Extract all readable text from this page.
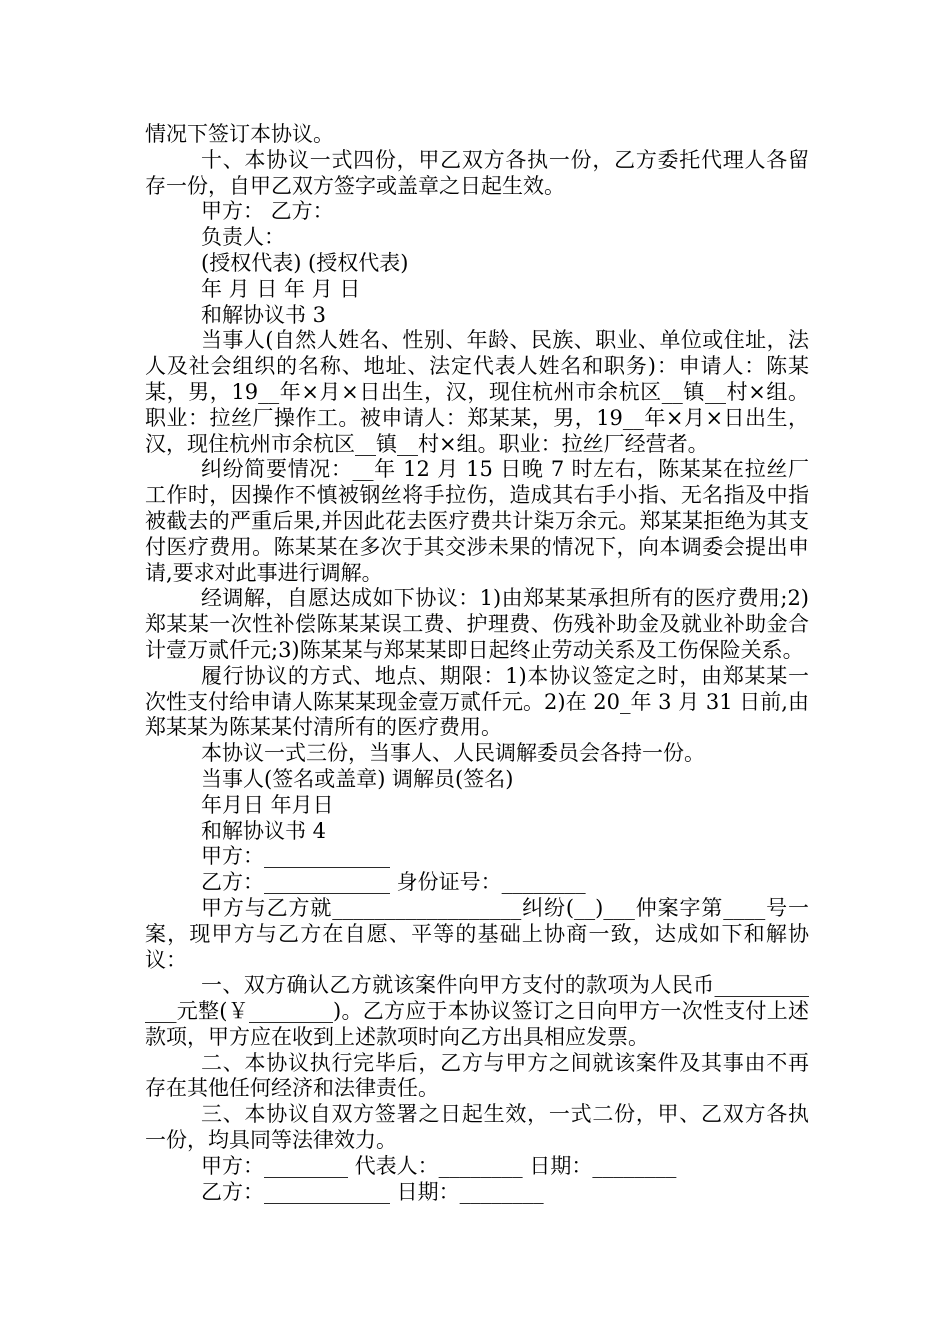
情况下签订本协议。

十、本协议一式四份，甲乙双方各执一份，乙方委托代理人各留存一份，自甲乙双方签字或盖章之日起生效。

甲方： 乙方：

负责人：

(授权代表) (授权代表)

年 月 日 年 月 日

和解协议书 3

当事人(自然人姓名、性别、年龄、民族、职业、单位或住址，法人及社会组织的名称、地址、法定代表人姓名和职务)：申请人：陈某某，男，19__年×月×日出生，汉，现住杭州市余杭区__镇__村×组。职业：拉丝厂操作工。被申请人：郑某某，男，19__年×月×日出生，汉，现住杭州市余杭区__镇__村×组。职业：拉丝厂经营者。

纠纷简要情况：__年 12 月 15 日晚 7 时左右，陈某某在拉丝厂工作时，因操作不慎被钢丝将手拉伤，造成其右手小指、无名指及中指被截去的严重后果,并因此花去医疗费共计柒万余元。郑某某拒绝为其支付医疗费用。陈某某在多次于其交涉未果的情况下，向本调委会提出申请,要求对此事进行调解。

经调解，自愿达成如下协议：1)由郑某某承担所有的医疗费用;2)郑某某一次性补偿陈某某误工费、护理费、伤残补助金及就业补助金合计壹万贰仟元;3)陈某某与郑某某即日起终止劳动关系及工伤保险关系。

履行协议的方式、地点、期限：1)本协议签定之时，由郑某某一次性支付给申请人陈某某现金壹万贰仟元。2)在 20_年 3 月 31 日前,由郑某某为陈某某付清所有的医疗费用。

本协议一式三份，当事人、人民调解委员会各持一份。

当事人(签名或盖章) 调解员(签名)

年月日 年月日

和解协议书 4

甲方：____________

乙方：____________ 身份证号：________

甲方与乙方就__________________纠纷(__)___仲案字第____号一案，现甲方与乙方在自愿、平等的基础上协商一致，达成如下和解协议：

一、双方确认乙方就该案件向甲方支付的款项为人民币____________元整(￥________)。乙方应于本协议签订之日向甲方一次性支付上述款项，甲方应在收到上述款项时向乙方出具相应发票。

二、本协议执行完毕后，乙方与甲方之间就该案件及其事由不再存在其他任何经济和法律责任。

三、本协议自双方签署之日起生效，一式二份，甲、乙双方各执一份，均具同等法律效力。

甲方：________ 代表人：________ 日期：________

乙方：____________ 日期：________
